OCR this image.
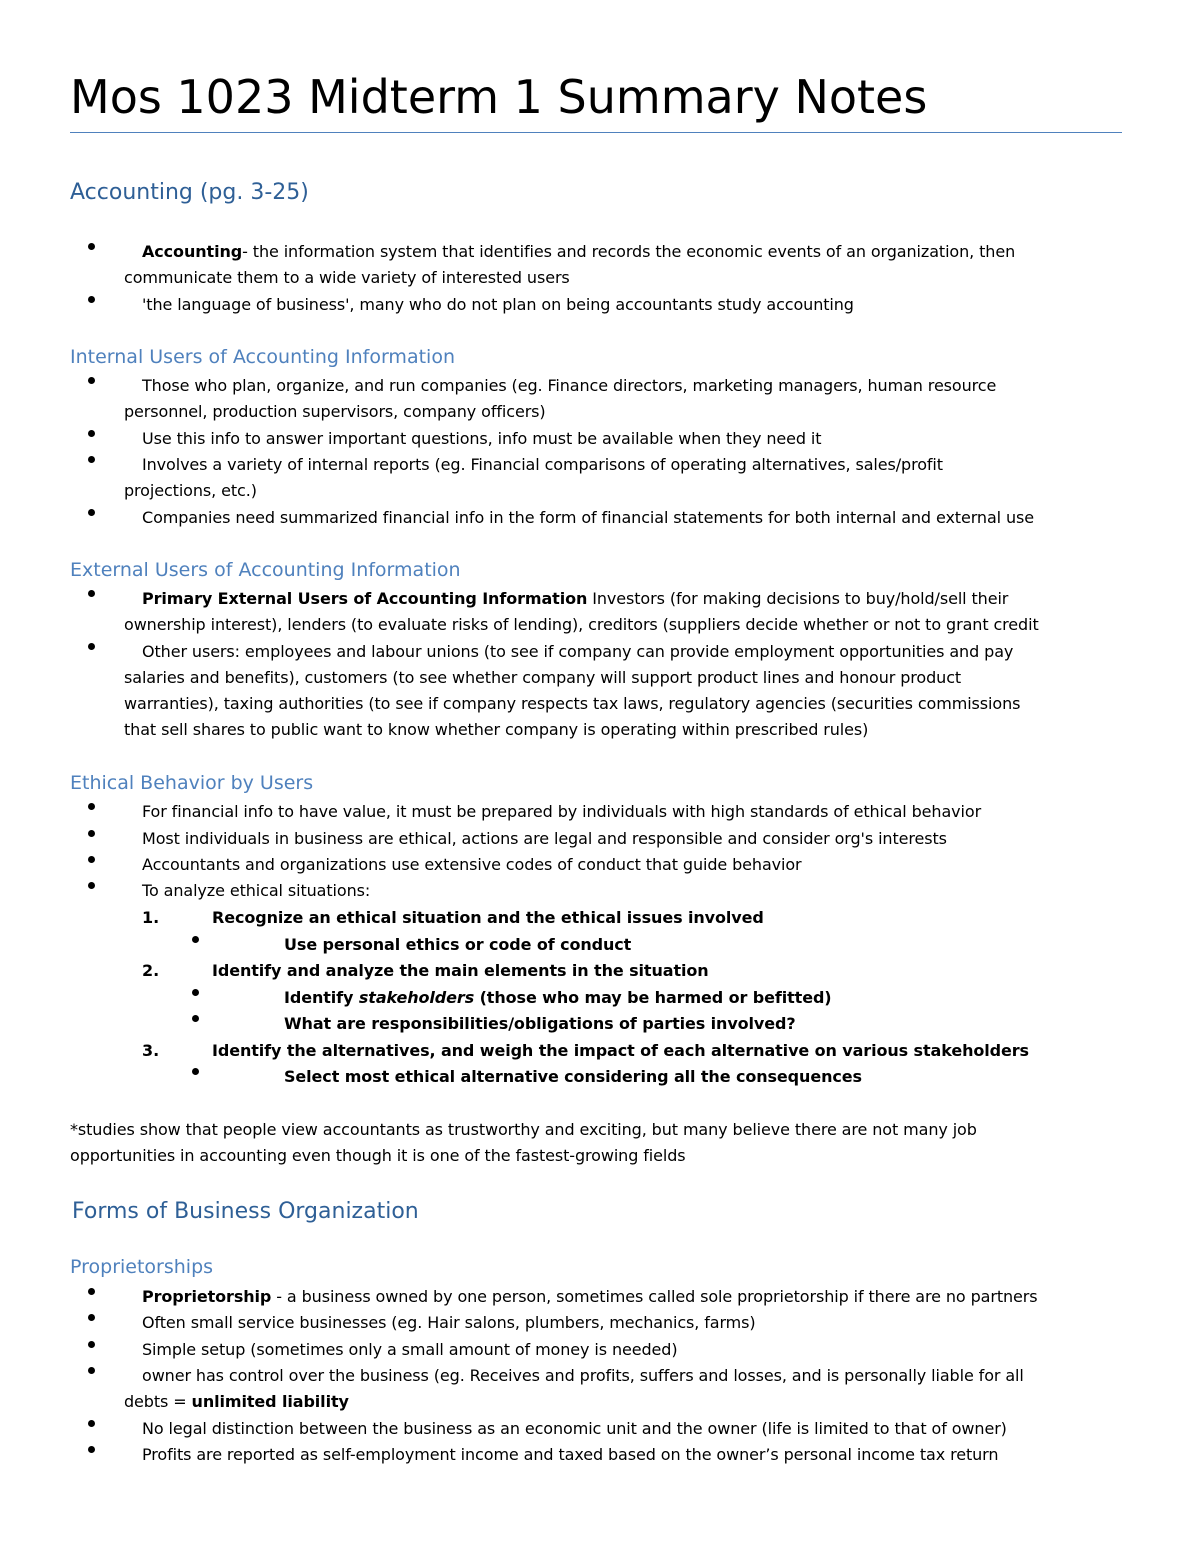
Mos 1023 Midterm 1 Summary Notes
Accounting (pg. 3-25)
Accounting- the information system that identifies and records the economic events of an organization, then
communicate them to a wide variety of interested users
'the language of business', many who do not plan on being accountants study accounting
Internal Users of Accounting Information
Those who plan, organize, and run companies (eg. Finance directors, marketing managers, human resource
personnel, production supervisors, company officers)
Use this info to answer important questions, info must be available when they need it
Involves a variety of internal reports (eg. Financial comparisons of operating alternatives, sales/profit
projections, etc.)
Companies need summarized financial info in the form of financial statements for both internal and external use
External Users of Accounting Information
Primary External Users of Accounting Information Investors (for making decisions to buy/hold/sell their
ownership interest), lenders (to evaluate risks of lending), creditors (suppliers decide whether or not to grant credit
Other users: employees and labour unions (to see if company can provide employment opportunities and pay
salaries and benefits), customers (to see whether company will support product lines and honour product
warranties), taxing authorities (to see if company respects tax laws, regulatory agencies (securities commissions
that sell shares to public want to know whether company is operating within prescribed rules)
Ethical Behavior by Users
For financial info to have value, it must be prepared by individuals with high standards of ethical behavior
Most individuals in business are ethical, actions are legal and responsible and consider org's interests
Accountants and organizations use extensive codes of conduct that guide behavior
To analyze ethical situations:
1.	Recognize an ethical situation and the ethical issues involved
Use personal ethics or code of conduct
2.	Identify and analyze the main elements in the situation
Identify stakeholders (those who may be harmed or befitted)
What are responsibilities/obligations of parties involved?
3.	Identify the alternatives, and weigh the impact of each alternative on various stakeholders
Select most ethical alternative considering all the consequences
*studies show that people view accountants as trustworthy and exciting, but many believe there are not many job
opportunities in accounting even though it is one of the fastest-growing fields
Forms of Business Organization
Proprietorships
Proprietorship - a business owned by one person, sometimes called sole proprietorship if there are no partners
Often small service businesses (eg. Hair salons, plumbers, mechanics, farms)
Simple setup (sometimes only a small amount of money is needed)
owner has control over the business (eg. Receives and profits, suffers and losses, and is personally liable for all
debts = unlimited liability
No legal distinction between the business as an economic unit and the owner (life is limited to that of owner)
Profits are reported as self-employment income and taxed based on the owner’s personal income tax return
